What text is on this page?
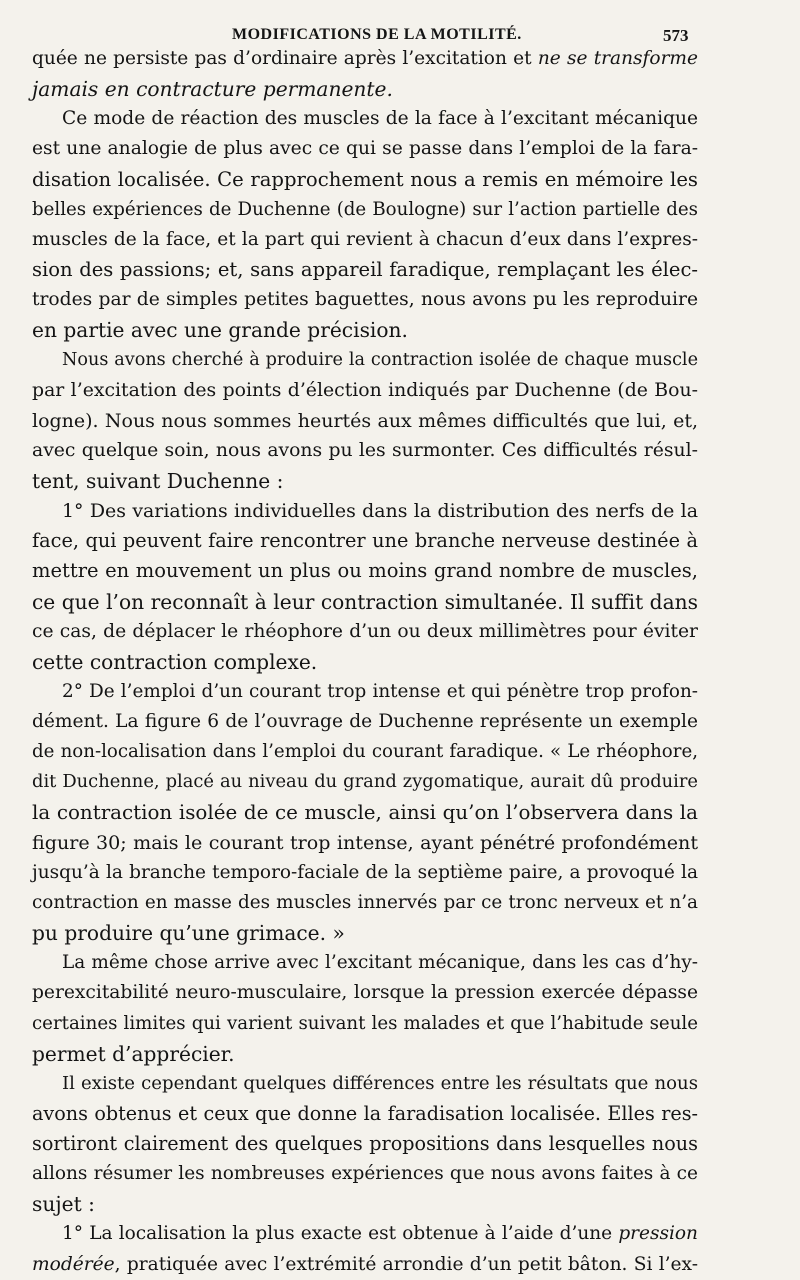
MODIFICATIONS DE LA MOTILITÉ.	573
quée ne persiste pas d’ordinaire après l’excitation et ne se transforme
jamais en contracture permanente.
Ce mode de réaction des muscles de la face à l’excitant mécanique
est une analogie de plus avec ce qui se passe dans l’emploi de la fara-
disation localisée. Ce rapprochement nous a remis en mémoire les
belles expériences de Duchenne (de Boulogne) sur l’action partielle des
muscles de la face, et la part qui revient à chacun d’eux dans l’expres-
sion des passions; et, sans appareil faradique, remplaçant les élec-
trodes par de simples petites baguettes, nous avons pu les reproduire
en partie avec une grande précision.
Nous avons cherché à produire la contraction isolée de chaque muscle
par l’excitation des points d’élection indiqués par Duchenne (de Bou-
logne). Nous nous sommes heurtés aux mêmes difficultés que lui, et,
avec quelque soin, nous avons pu les surmonter. Ces difficultés résul-
tent, suivant Duchenne :
1° Des variations individuelles dans la distribution des nerfs de la
face, qui peuvent faire rencontrer une branche nerveuse destinée à
mettre en mouvement un plus ou moins grand nombre de muscles,
ce que l’on reconnaît à leur contraction simultanée. Il suffit dans
ce cas, de déplacer le rhéophore d’un ou deux millimètres pour éviter
cette contraction complexe.
2° De l’emploi d’un courant trop intense et qui pénètre trop profon-
dément. La figure 6 de l’ouvrage de Duchenne représente un exemple
de non-localisation dans l’emploi du courant faradique. « Le rhéophore,
dit Duchenne, placé au niveau du grand zygomatique, aurait dû produire
la contraction isolée de ce muscle, ainsi qu’on l’observera dans la
figure 30; mais le courant trop intense, ayant pénétré profondément
jusqu’à la branche temporo-faciale de la septième paire, a provoqué la
contraction en masse des muscles innervés par ce tronc nerveux et n’a
pu produire qu’une grimace. »
La même chose arrive avec l’excitant mécanique, dans les cas d’hy-
perexcitabilité neuro-musculaire, lorsque la pression exercée dépasse
certaines limites qui varient suivant les malades et que l’habitude seule
permet d’apprécier.
Il existe cependant quelques différences entre les résultats que nous
avons obtenus et ceux que donne la faradisation localisée. Elles res-
sortiront clairement des quelques propositions dans lesquelles nous
allons résumer les nombreuses expériences que nous avons faites à ce
sujet :
1° La localisation la plus exacte est obtenue à l’aide d’une pression
modérée, pratiquée avec l’extrémité arrondie d’un petit bâton. Si l’ex-
